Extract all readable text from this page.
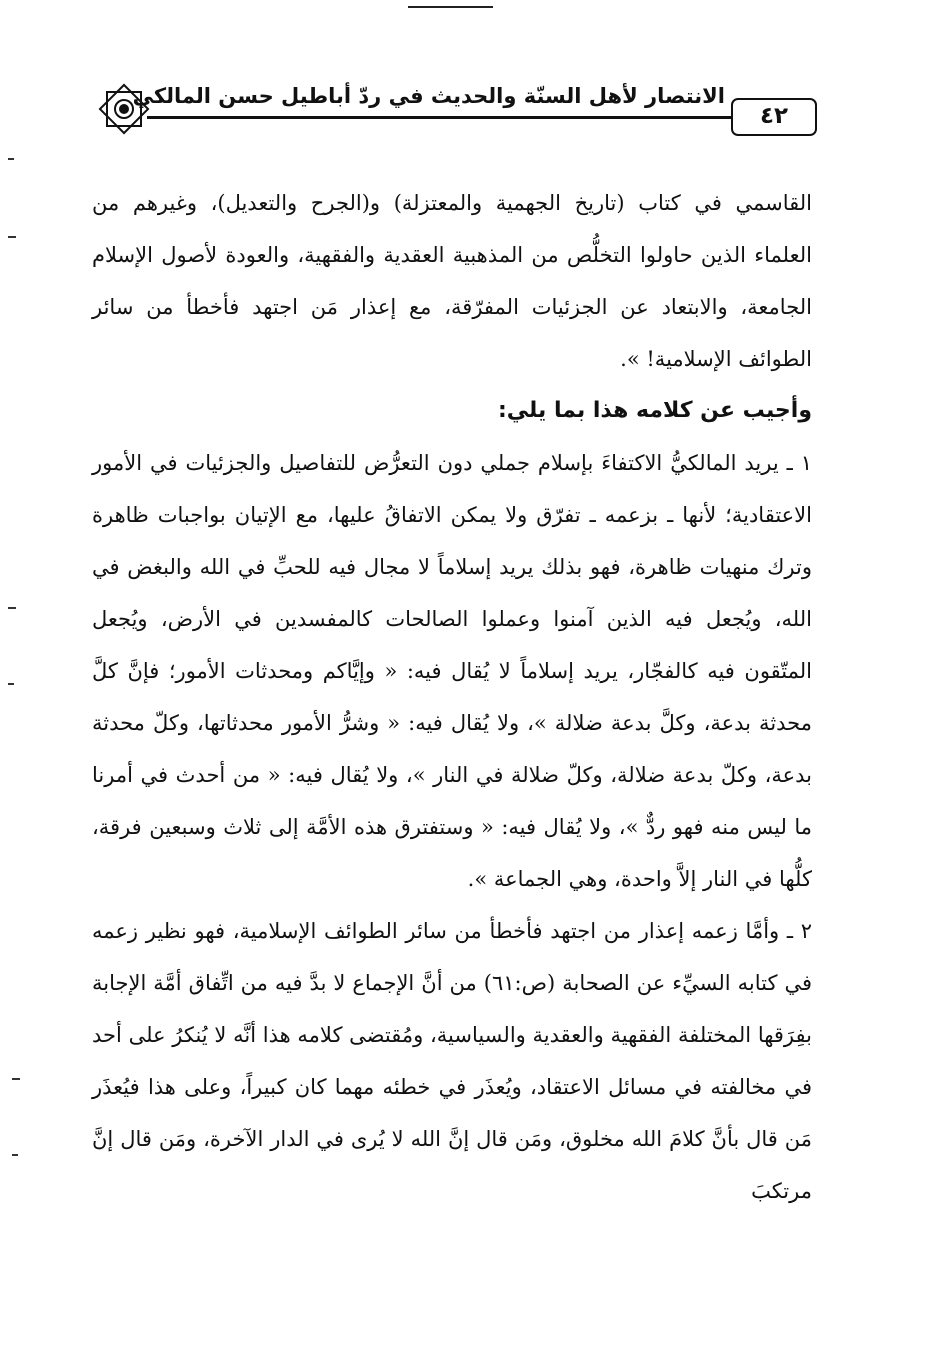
الانتصار لأهل السنّة والحديث في ردّ أباطيل حسن المالكي
٤٢

القاسمي في كتاب (تاريخ الجهمية والمعتزلة) و(الجرح والتعديل)، وغيرهم من العلماء الذين حاولوا التخلُّص من المذهبية العقدية والفقهية، والعودة لأصول الإسلام الجامعة، والابتعاد عن الجزئيات المفرّقة، مع إعذار مَن اجتهد فأخطأ من سائر الطوائف الإسلامية! ».

وأجيب عن كلامه هذا بما يلي:

١ ـ يريد المالكيُّ الاكتفاءَ بإسلام جملي دون التعرُّض للتفاصيل والجزئيات في الأمور الاعتقادية؛ لأنها ـ بزعمه ـ تفرّق ولا يمكن الاتفاقُ عليها، مع الإتيان بواجبات ظاهرة وترك منهيات ظاهرة، فهو بذلك يريد إسلاماً لا مجال فيه للحبِّ في الله والبغض في الله، ويُجعل فيه الذين آمنوا وعملوا الصالحات كالمفسدين في الأرض، ويُجعل المتّقون فيه كالفجّار، يريد إسلاماً لا يُقال فيه: « وإيَّاكم ومحدثات الأمور؛ فإنَّ كلَّ محدثة بدعة، وكلَّ بدعة ضلالة »، ولا يُقال فيه: « وشرُّ الأمور محدثاتها، وكلّ محدثة بدعة، وكلّ بدعة ضلالة، وكلّ ضلالة في النار »، ولا يُقال فيه: « من أحدث في أمرنا ما ليس منه فهو ردٌّ »، ولا يُقال فيه: « وستفترق هذه الأمَّة إلى ثلاث وسبعين فرقة، كلُّها في النار إلاَّ واحدة، وهي الجماعة ».

٢ ـ وأمَّا زعمه إعذار من اجتهد فأخطأ من سائر الطوائف الإسلامية، فهو نظير زعمه في كتابه السيِّء عن الصحابة (ص:٦١) من أنَّ الإجماع لا بدَّ فيه من اتِّفاق أمَّة الإجابة بفِرَقها المختلفة الفقهية والعقدية والسياسية، ومُقتضى كلامه هذا أنَّه لا يُنكرُ على أحد في مخالفته في مسائل الاعتقاد، ويُعذَر في خطئه مهما كان كبيراً، وعلى هذا فيُعذَر مَن قال بأنَّ كلامَ الله مخلوق، ومَن قال إنَّ الله لا يُرى في الدار الآخرة، ومَن قال إنَّ مرتكبَ
